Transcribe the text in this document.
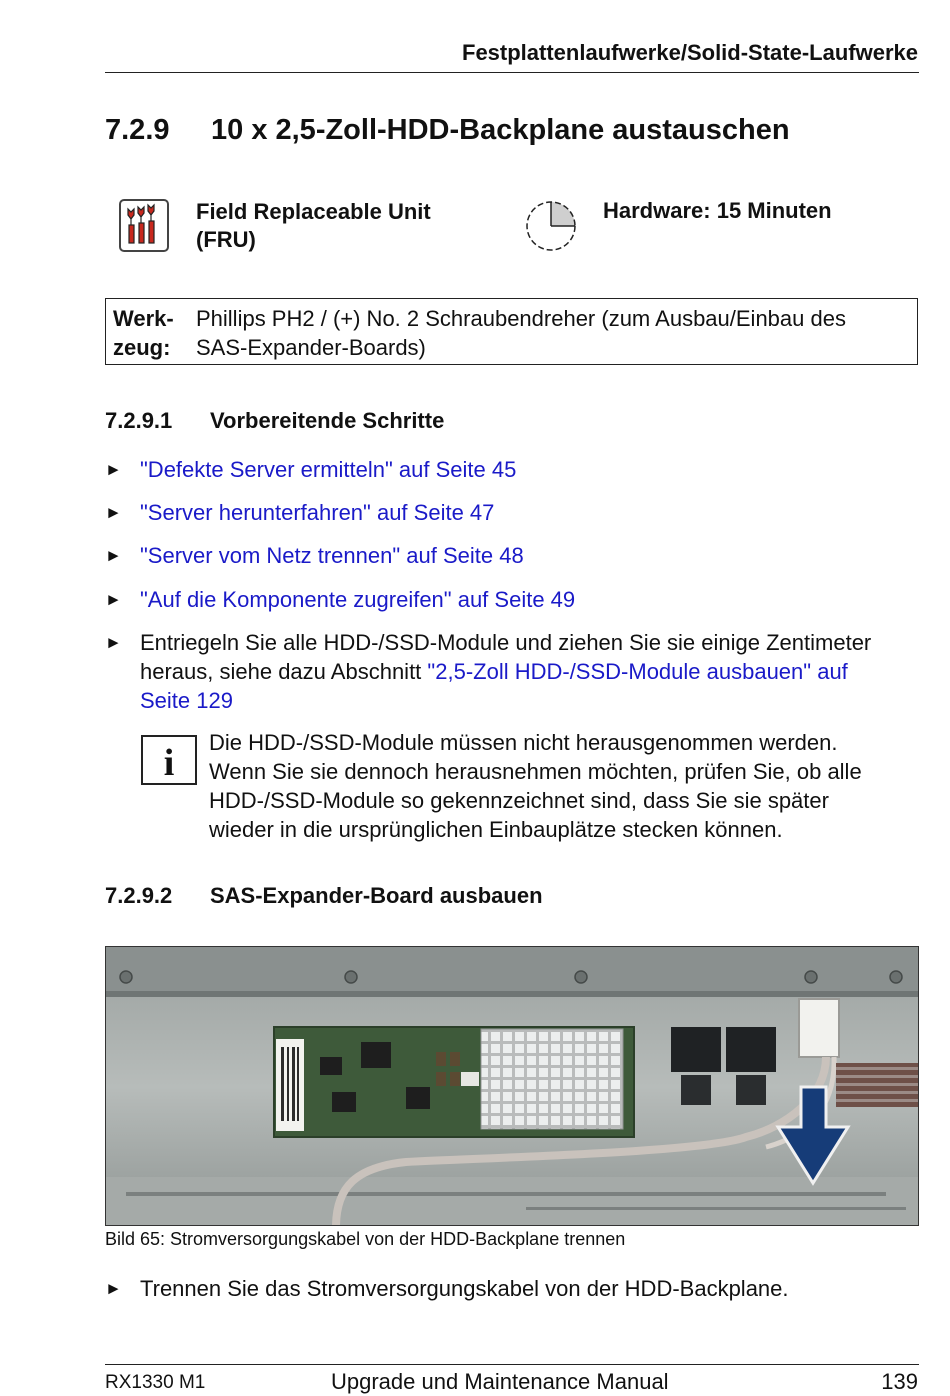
Festplattenlaufwerke/Solid-State-Laufwerke
7.2.9 10 x 2,5-Zoll-HDD-Backplane austauschen
Field Replaceable Unit
(FRU)
Hardware: 15 Minuten
Werk-
zeug:
Phillips PH2 / (+) No. 2 Schraubendreher (zum Ausbau/Einbau des
SAS-Expander-Boards)
7.2.9.1 Vorbereitende Schritte
► "Defekte Server ermitteln" auf Seite 45
► "Server herunterfahren" auf Seite 47
► "Server vom Netz trennen" auf Seite 48
► "Auf die Komponente zugreifen" auf Seite 49
► Entriegeln Sie alle HDD-/SSD-Module und ziehen Sie sie einige Zentimeter
heraus, siehe dazu Abschnitt "2,5-Zoll HDD-/SSD-Module ausbauen" auf
Seite 129
i Die HDD-/SSD-Module müssen nicht herausgenommen werden.
Wenn Sie sie dennoch herausnehmen möchten, prüfen Sie, ob alle
HDD-/SSD-Module so gekennzeichnet sind, dass Sie sie später
wieder in die ursprünglichen Einbauplätze stecken können.
7.2.9.2 SAS-Expander-Board ausbauen
Bild 65: Stromversorgungskabel von der HDD-Backplane trennen
► Trennen Sie das Stromversorgungskabel von der HDD-Backplane.
RX1330 M1	Upgrade und Maintenance Manual	139
